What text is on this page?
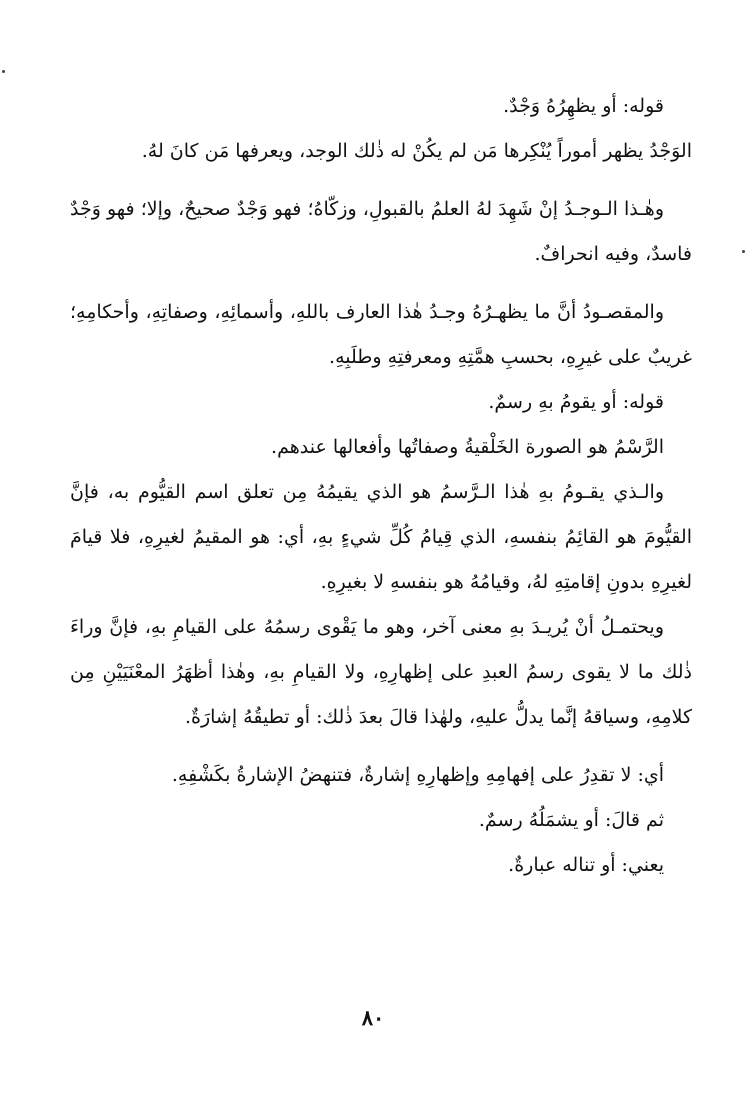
قوله: أو يظهِرُهُ وَجْدٌ.

الوَجْدُ يظهر أموراً يُنْكِرها مَن لم يكُنْ له ذٰلك الوجد، ويعرفها مَن كانَ لهُ.

وهٰـذا الـوجـدُ إنْ شَهِدَ لهُ العلمُ بالقبولِ، وزكّاهُ؛ فهو وَجْدٌ صحيحٌ، وإلا؛ فهو وَجْدٌ فاسدٌ، وفيه انحرافٌ.

والمقصـودُ أنَّ ما يظهـرُهُ وجـدُ هٰذا العارف باللهِ، وأسمائِهِ، وصفاتِهِ، وأحكامِهِ؛ غريبٌ على غيرِهِ، بحسبِ همَّتِهِ ومعرفتِهِ وطلَبِهِ.

قوله: أو يقومُ بهِ رسمٌ.

الرَّسْمُ هو الصورة الخَلْقيةُ وصفاتُها وأفعالها عندهم.

والـذي يقـومُ بهِ هٰذا الـرَّسمُ هو الذي يقيمُهُ مِن تعلق اسم القيُّوم به، فإنَّ القيُّومَ هو القائِمُ بنفسهِ، الذي قِيامُ كُلِّ شيءٍ بهِ، أي: هو المقيمُ لغيرِهِ، فلا قيامَ لغيرِهِ بدونِ إقامتِهِ لهُ، وقيامُهُ هو بنفسهِ لا بغيرِهِ.

ويحتمـلُ أنْ يُريـدَ بهِ معنى آخر، وهو ما يَقْوى رسمُهُ على القيامِ بهِ، فإنَّ وراءَ ذٰلك ما لا يقوى رسمُ العبدِ على إظهارِهِ، ولا القيامِ بهِ، وهٰذا أظهَرُ المعْنَيَيْنِ مِن كلامِهِ، وسياقهُ إنَّما يدلُّ عليهِ، ولهٰذا قالَ بعدَ ذٰلك: أو تطيقُهُ إشارَةٌ.

أي: لا تقدِرُ على إفهامِهِ وإظهارِهِ إشارةٌ، فتنهضُ الإشارةُ بكَشْفِهِ.

ثم قالَ: أو يشمَلُهُ رسمٌ.

يعني: أو تناله عبارةٌ.

٨٠
